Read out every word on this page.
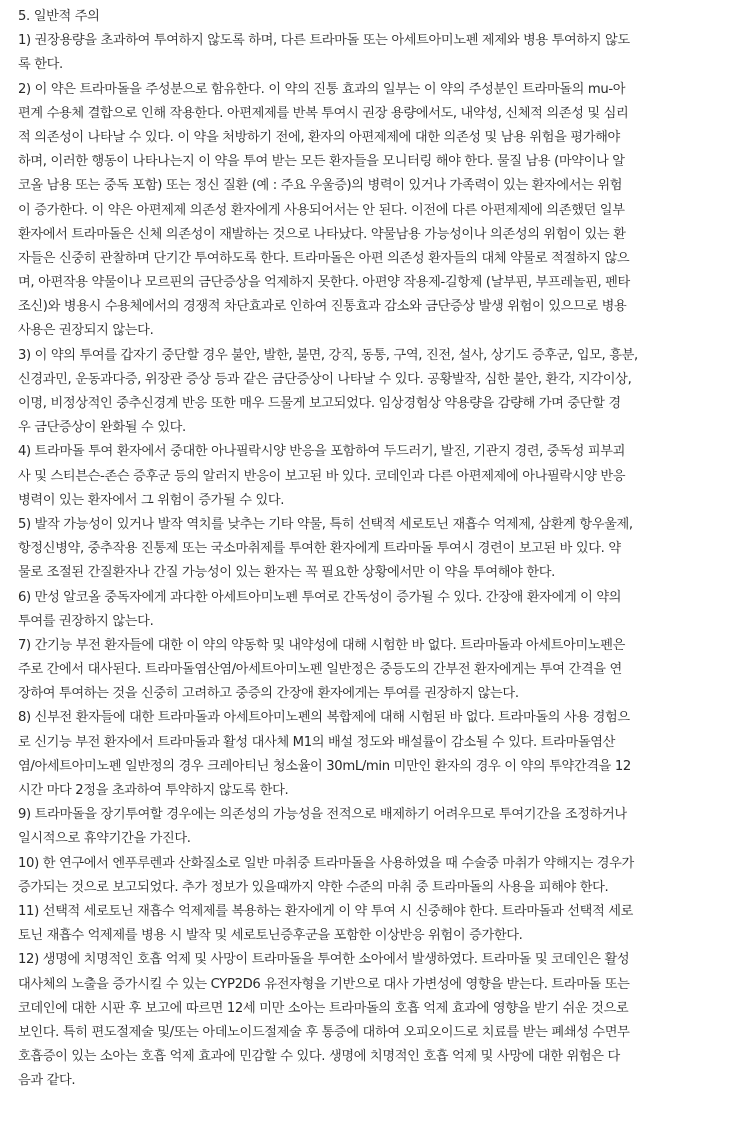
5. 일반적 주의
1) 권장용량을 초과하여 투여하지 않도록 하며, 다른 트라마돌 또는 아세트아미노펜 제제와 병용 투여하지 않도
록 한다.
2) 이 약은 트라마돌을 주성분으로 함유한다. 이 약의 진통 효과의 일부는 이 약의 주성분인 트라마돌의 mu-아
편계 수용체 결합으로 인해 작용한다. 아편제제를 반복 투여시 권장 용량에서도, 내약성, 신체적 의존성 및 심리
적 의존성이 나타날 수 있다. 이 약을 처방하기 전에, 환자의 아편제제에 대한 의존성 및 남용 위험을 평가해야
하며, 이러한 행동이 나타나는지 이 약을 투여 받는 모든 환자들을 모니터링 해야 한다. 물질 남용 (마약이나 알
코올 남용 또는 중독 포함) 또는 정신 질환 (예 : 주요 우울증)의 병력이 있거나 가족력이 있는 환자에서는 위험
이 증가한다. 이 약은 아편제제 의존성 환자에게 사용되어서는 안 된다. 이전에 다른 아편제제에 의존했던 일부
환자에서 트라마돌은 신체 의존성이 재발하는 것으로 나타났다. 약물남용 가능성이나 의존성의 위험이 있는 환
자들은 신중히 관찰하며 단기간 투여하도록 한다. 트라마돌은 아편 의존성 환자들의 대체 약물로 적절하지 않으
며, 아편작용 약물이나 모르핀의 금단증상을 억제하지 못한다. 아편양 작용제-길항제 (날부핀, 부프레놀핀, 펜타
조신)와 병용시 수용체에서의 경쟁적 차단효과로 인하여 진통효과 감소와 금단증상 발생 위험이 있으므로 병용
사용은 권장되지 않는다.
3) 이 약의 투여를 갑자기 중단할 경우 불안, 발한, 불면, 강직, 동통, 구역, 진전, 설사, 상기도 증후군, 입모, 흥분,
신경과민, 운동과다증, 위장관 증상 등과 같은 금단증상이 나타날 수 있다. 공황발작, 심한 불안, 환각, 지각이상,
이명, 비정상적인 중추신경계 반응 또한 매우 드물게 보고되었다. 임상경험상 약용량을 감량해 가며 중단할 경
우 금단증상이 완화될 수 있다.
4) 트라마돌 투여 환자에서 중대한 아나필락시양 반응을 포함하여 두드러기, 발진, 기관지 경련, 중독성 피부괴
사 및 스티븐슨-존슨 증후군 등의 알러지 반응이 보고된 바 있다. 코데인과 다른 아편제제에 아나필락시양 반응
병력이 있는 환자에서 그 위험이 증가될 수 있다.
5) 발작 가능성이 있거나 발작 역치를 낮추는 기타 약물, 특히 선택적 세로토닌 재흡수 억제제, 삼환계 항우울제,
항정신병약, 중추작용 진통제 또는 국소마취제를 투여한 환자에게 트라마돌 투여시 경련이 보고된 바 있다. 약
물로 조절된 간질환자나 간질 가능성이 있는 환자는 꼭 필요한 상황에서만 이 약을 투여해야 한다.
6) 만성 알코올 중독자에게 과다한 아세트아미노펜 투여로 간독성이 증가될 수 있다. 간장애 환자에게 이 약의
투여를 권장하지 않는다.
7) 간기능 부전 환자들에 대한 이 약의 약동학 및 내약성에 대해 시험한 바 없다. 트라마돌과 아세트아미노펜은
주로 간에서 대사된다. 트라마돌염산염/아세트아미노펜 일반정은 중등도의 간부전 환자에게는 투여 간격을 연
장하여 투여하는 것을 신중히 고려하고 중증의 간장애 환자에게는 투여를 권장하지 않는다.
8) 신부전 환자들에 대한 트라마돌과 아세트아미노펜의 복합제에 대해 시험된 바 없다. 트라마돌의 사용 경험으
로 신기능 부전 환자에서 트라마돌과 활성 대사체 M1의 배설 정도와 배설률이 감소될 수 있다. 트라마돌염산
염/아세트아미노펜 일반정의 경우 크레아티닌 청소율이 30mL/min 미만인 환자의 경우 이 약의 투약간격을 12
시간 마다 2정을 초과하여 투약하지 않도록 한다.
9) 트라마돌을 장기투여할 경우에는 의존성의 가능성을 전적으로 배제하기 어려우므로 투여기간을 조정하거나
일시적으로 휴약기간을 가진다.
10) 한 연구에서 엔푸루렌과 산화질소로 일반 마취중 트라마돌을 사용하였을 때 수술중 마취가 약해지는 경우가
증가되는 것으로 보고되었다. 추가 정보가 있을때까지 약한 수준의 마취 중 트라마돌의 사용을 피해야 한다.
11) 선택적 세로토닌 재흡수 억제제를 복용하는 환자에게 이 약 투여 시 신중해야 한다. 트라마돌과 선택적 세로
토닌 재흡수 억제제를 병용 시 발작 및 세로토닌증후군을 포함한 이상반응 위험이 증가한다.
12) 생명에 치명적인 호흡 억제 및 사망이 트라마돌을 투여한 소아에서 발생하였다. 트라마돌 및 코데인은 활성
대사체의 노출을 증가시킬 수 있는 CYP2D6 유전자형을 기반으로 대사 가변성에 영향을 받는다. 트라마돌 또는
코데인에 대한 시판 후 보고에 따르면 12세 미만 소아는 트라마돌의 호흡 억제 효과에 영향을 받기 쉬운 것으로
보인다. 특히 편도절제술 및/또는 아데노이드절제술 후 통증에 대하여 오피오이드로 치료를 받는 폐쇄성 수면무
호흡증이 있는 소아는 호흡 억제 효과에 민감할 수 있다. 생명에 치명적인 호흡 억제 및 사망에 대한 위험은 다
음과 같다.
